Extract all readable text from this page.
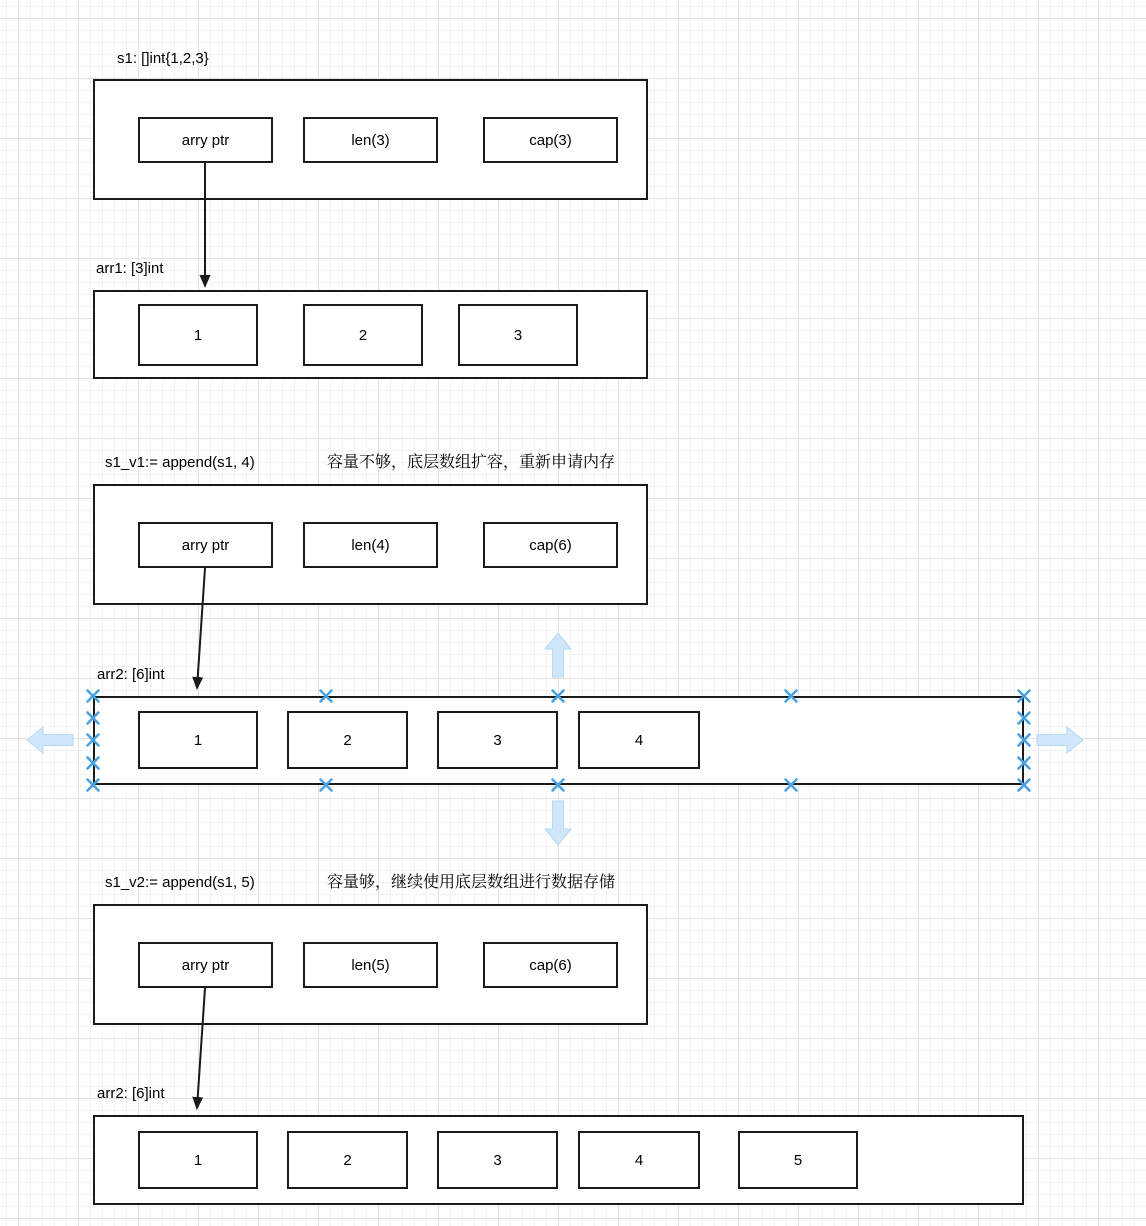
s1: []int{1,2,3}
arry ptr	len(3)	cap(3)
arr1: [3]int
1	2	3
s1_v1:= append(s1, 4)	容量不够，底层数组扩容，重新申请内存
arry ptr	len(4)	cap(6)
arr2: [6]int
1	2	3	4
s1_v2:= append(s1, 5)	容量够，继续使用底层数组进行数据存储
arry ptr	len(5)	cap(6)
arr2: [6]int
1	2	3	4	5
